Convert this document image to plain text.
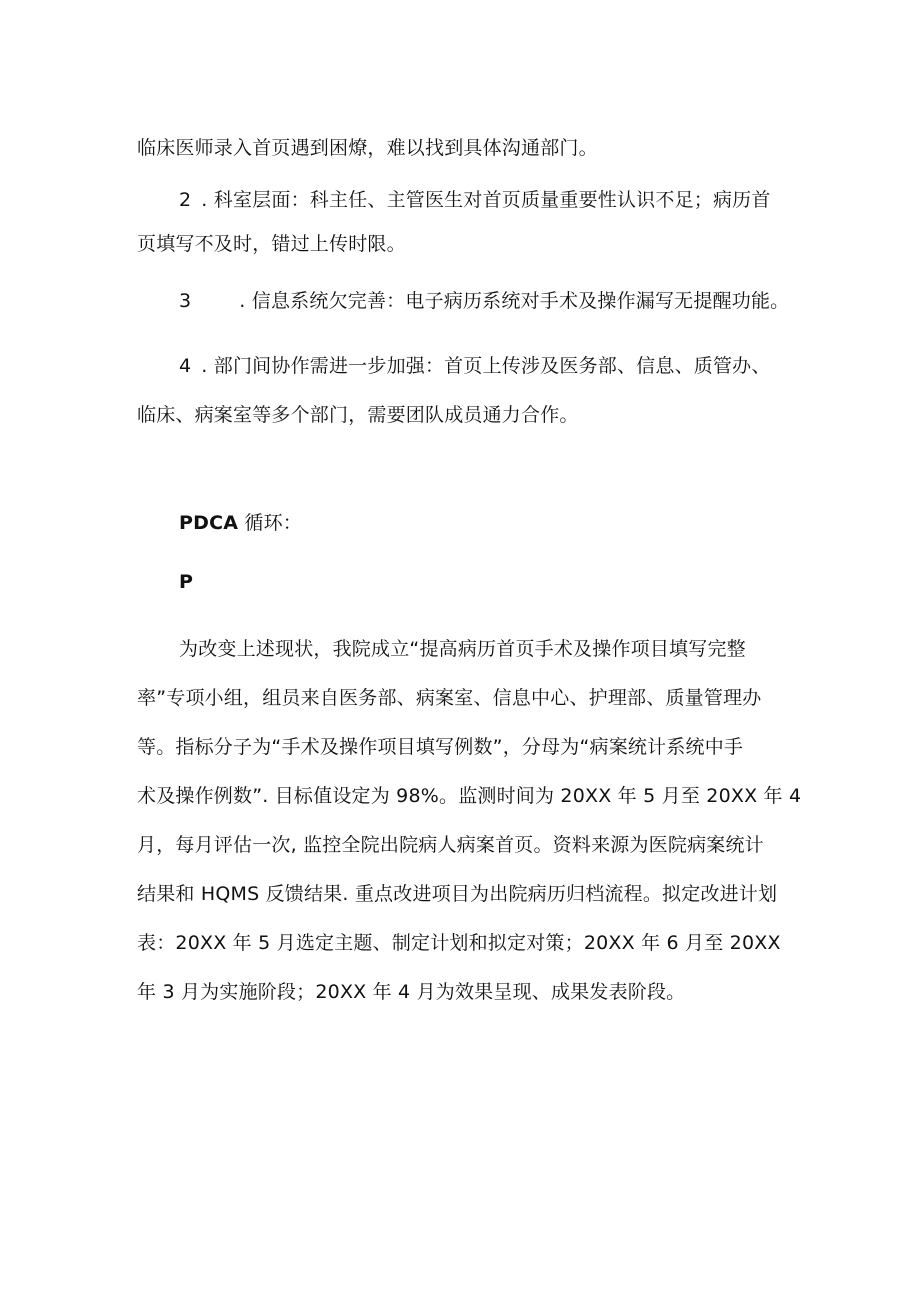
临床医师录入首页遇到困燎，难以找到具体沟通部门。
2 . 科室层面：科主任、主管医生对首页质量重要性认识不足；病历首
页填写不及时，错过上传时限。
3	. 信息系统欠完善：电子病历系统对手术及操作漏写无提醒功能。
4 . 部门间协作需进一步加强：首页上传涉及医务部、信息、质管办、
临床、病案室等多个部门，需要团队成员通力合作。
PDCA 循环：
P
为改变上述现状，我院成立“提高病历首页手术及操作项目填写完整
率”专项小组，组员来自医务部、病案室、信息中心、护理部、质量管理办
等。指标分子为“手术及操作项目填写例数”，分母为“病案统计系统中手
术及操作例数”. 目标值设定为 98%。监测时间为 20XX 年 5 月至 20XX 年 4
月，每月评估一次, 监控全院出院病人病案首页。资料来源为医院病案统计
结果和 HQMS 反馈结果. 重点改进项目为出院病历归档流程。拟定改进计划
表：20XX 年 5 月选定主题、制定计划和拟定对策；20XX 年 6 月至 20XX
年 3 月为实施阶段；20XX 年 4 月为效果呈现、成果发表阶段。
